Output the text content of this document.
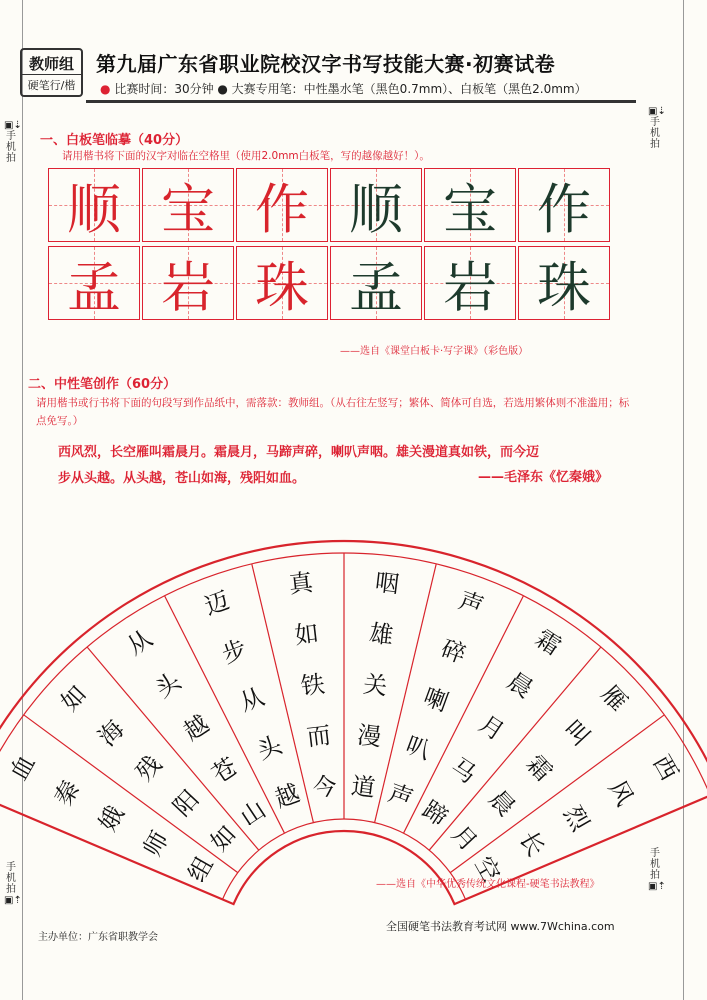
教师组
硬笔行/楷
第九届广东省职业院校汉字书写技能大赛·初赛试卷
● 比赛时间：30分钟 ● 大赛专用笔：中性墨水笔（黑色0.7mm）、白板笔（黑色2.0mm）
▣⇣
手
机
拍
▣⇣
手
机
拍
手
机
拍
▣⇡
手
机
拍
▣⇡
一、白板笔临摹（40分）
请用楷书将下面的汉字对临在空格里（使用2.0mm白板笔，写的越像越好！）。
顺 宝 作 顺 宝 作
孟 岩 珠 孟 岩 珠
——选自《课堂白板卡·写字课》（彩色版）
二、中性笔创作（60分）
请用楷书或行书将下面的句段写到作品纸中，需落款：教师组。（从右往左竖写；繁体、简体可自选，若选用繁体则不准滥用；标点免写。）
西风烈，长空雁叫霜晨月。霜晨月，马蹄声碎，喇叭声咽。雄关漫道真如铁，而今迈
步从头越。从头越，苍山如海，残阳如血。	——毛泽东《忆秦娥》
西
风
烈
长
空
雁
叫
霜
晨
月
霜
晨
月
马
蹄
声
碎
喇
叭
声
咽
雄
关
漫
道
真
如
铁
而
今
迈
步
从
头
越
从
头
越
苍
山
如
海
残
阳
如
血
秦
娥
师
组	——选自《中华优秀传统文化课程-硬笔书法教程》
主办单位：广东省职教学会
全国硬笔书法教育考试网 www.7Wchina.com
